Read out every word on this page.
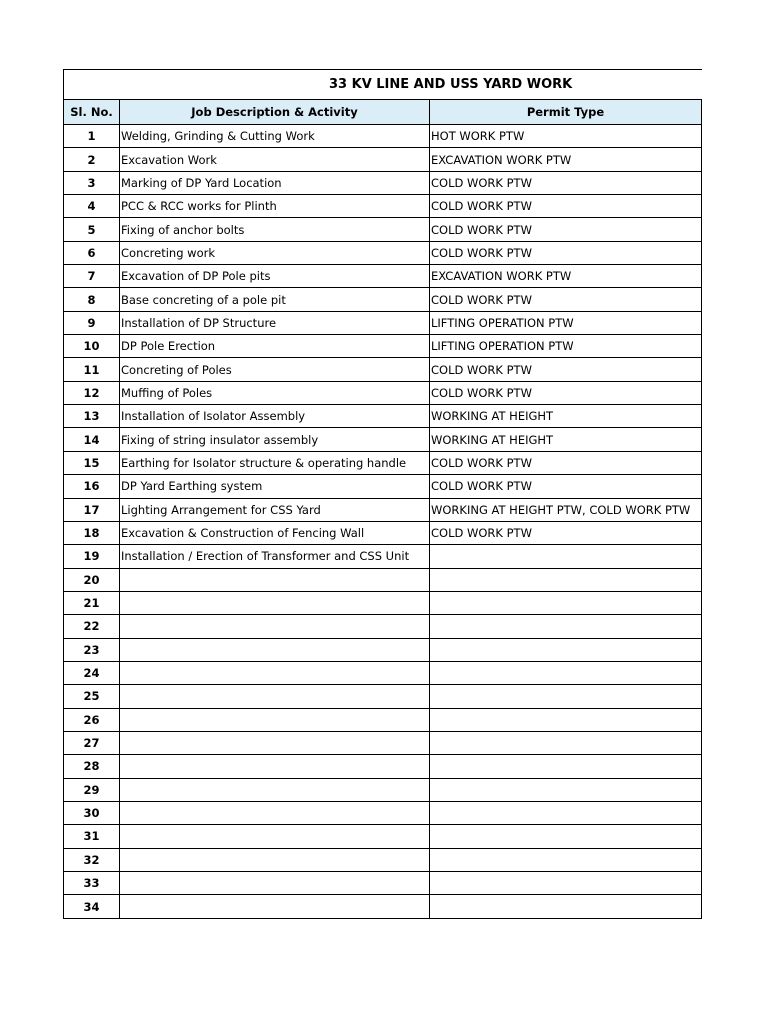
33 KV LINE AND USS YARD WORK		
Sl. No.	Job Description & Activity	Permit Type
1	Welding, Grinding & Cutting Work	HOT WORK PTW
2	Excavation Work	EXCAVATION WORK PTW
3	Marking of DP Yard Location	COLD WORK PTW
4	PCC & RCC works for Plinth	COLD WORK PTW
5	Fixing of anchor bolts	COLD WORK PTW
6	Concreting work	COLD WORK PTW
7	Excavation of DP Pole pits	EXCAVATION WORK PTW
8	Base concreting of a pole pit	COLD WORK PTW
9	Installation of DP Structure	LIFTING OPERATION PTW
10	DP Pole Erection	LIFTING OPERATION PTW
11	Concreting of Poles	COLD WORK PTW
12	Muffing of Poles	COLD WORK PTW
13	Installation of Isolator Assembly	WORKING AT HEIGHT
14	Fixing of string insulator assembly	WORKING AT HEIGHT
15	Earthing for Isolator structure & operating handle	COLD WORK PTW
16	DP Yard Earthing system	COLD WORK PTW
17	Lighting Arrangement for CSS Yard	WORKING AT HEIGHT PTW, COLD WORK PTW
18	Excavation & Construction of Fencing Wall	COLD WORK PTW
19	Installation / Erection of Transformer and CSS Unit	
20		
21		
22		
23		
24		
25		
26		
27		
28		
29		
30		
31		
32		
33		
34		
